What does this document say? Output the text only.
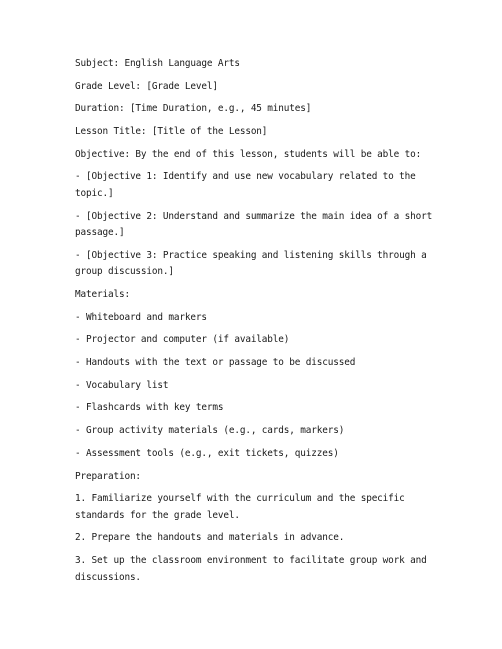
Subject: English Language Arts

Grade Level: [Grade Level]

Duration: [Time Duration, e.g., 45 minutes]

Lesson Title: [Title of the Lesson]

Objective: By the end of this lesson, students will be able to:

- [Objective 1: Identify and use new vocabulary related to the topic.]

- [Objective 2: Understand and summarize the main idea of a short passage.]

- [Objective 3: Practice speaking and listening skills through a group discussion.]

Materials:

- Whiteboard and markers

- Projector and computer (if available)

- Handouts with the text or passage to be discussed

- Vocabulary list

- Flashcards with key terms

- Group activity materials (e.g., cards, markers)

- Assessment tools (e.g., exit tickets, quizzes)

Preparation:

1. Familiarize yourself with the curriculum and the specific standards for the grade level.

2. Prepare the handouts and materials in advance.

3. Set up the classroom environment to facilitate group work and discussions.
